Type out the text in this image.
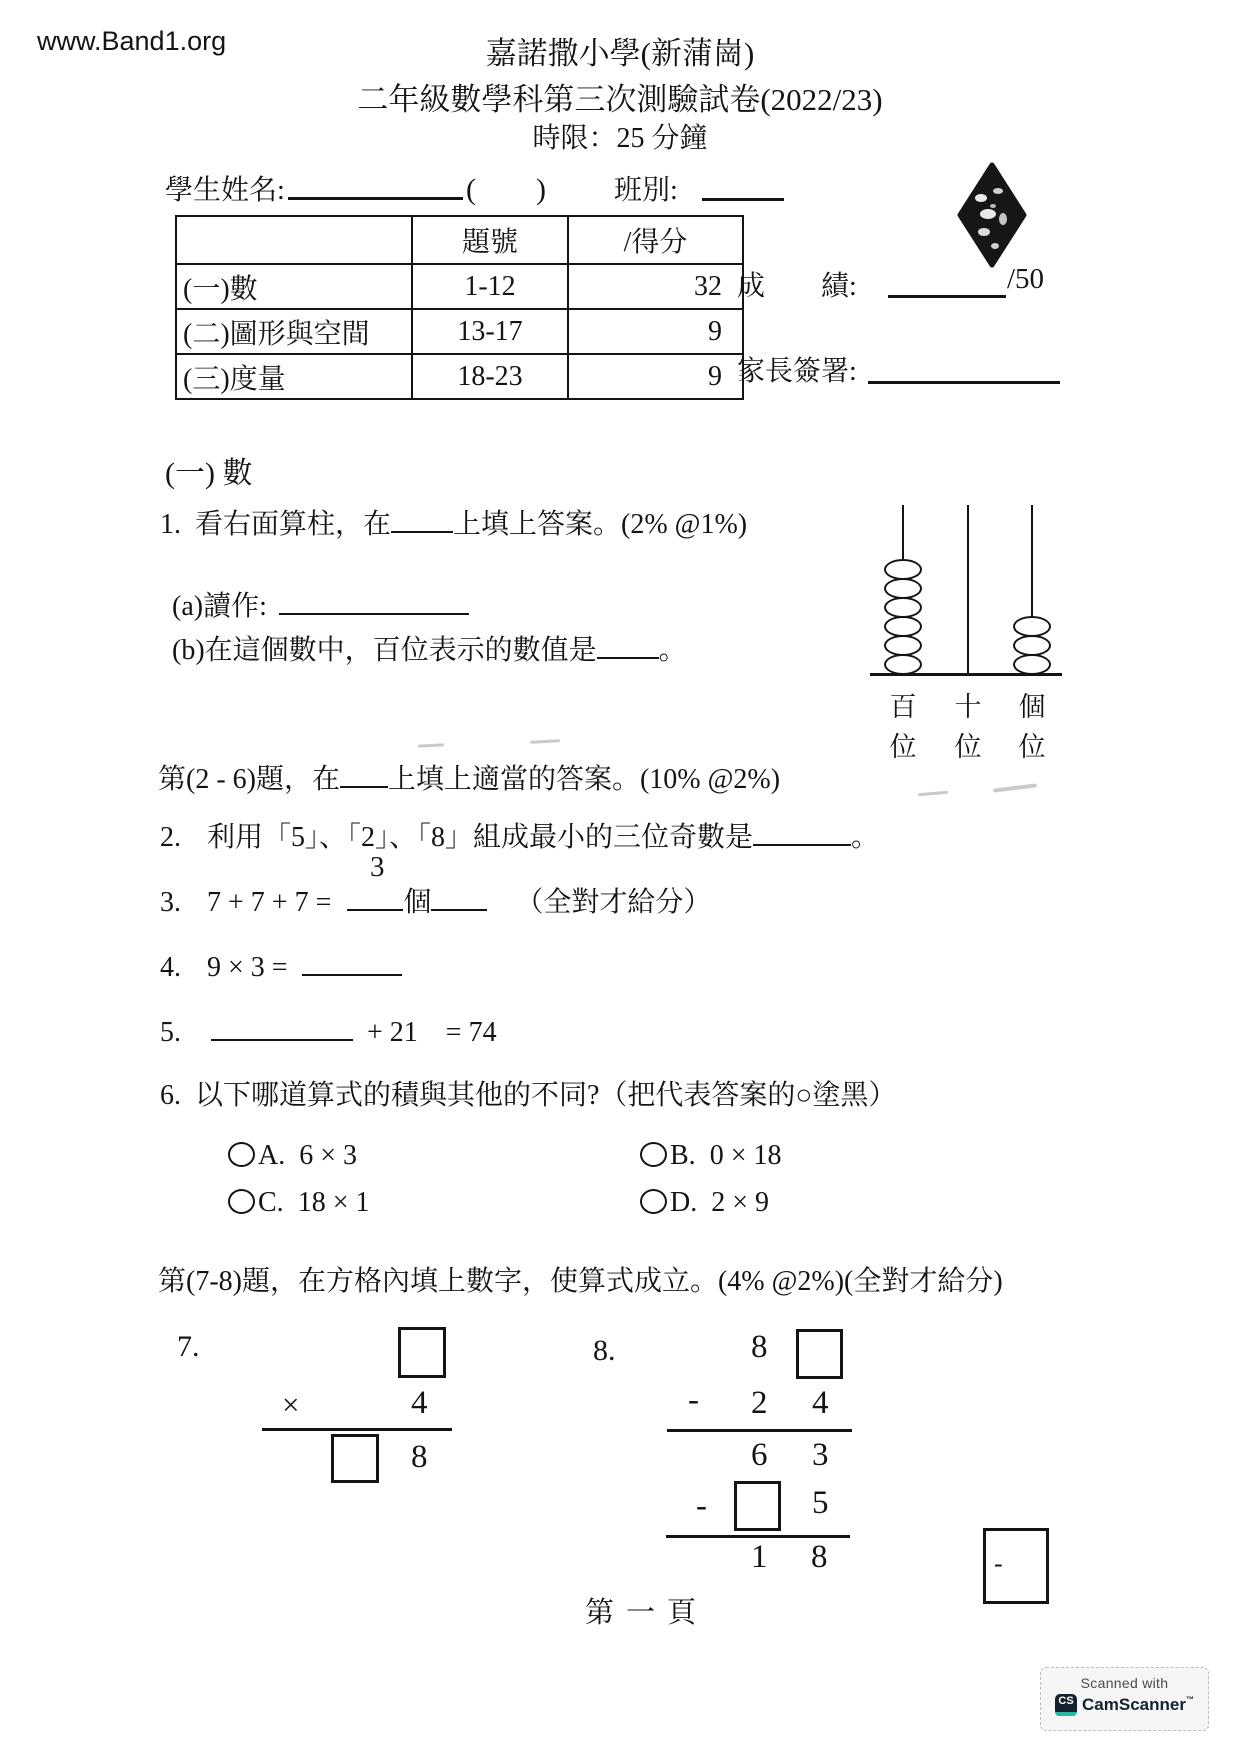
www.Band1.org	嘉諾撒小學(新蒲崗)
二年級數學科第三次測驗試卷(2022/23)
時限：25 分鐘
學生姓名:	(　　) 班別:
	題號	/得分
(一)數	1-12	32
(二)圖形與空間	13-17	9
(三)度量	18-23	9
成　　績:	/50
家長簽署:
(一) 數
1. 看右面算柱，在 上填上答案。(2% @1%)
(a)讀作:
(b)在這個數中，百位表示的數值是 。
百	十	個
位	位	位
第(2 - 6)題，在 上填上適當的答案。(10% @2%)
2. 利用「5」、「2」、「8」組成最小的三位奇數是	。
3
3. 7 + 7 + 7 =	個	（全對才給分）
4. 9 × 3 =
5.	+ 21　= 74
6. 以下哪道算式的積與其他的不同?（把代表答案的○塗黑）
A. 6 × 3	B. 0 × 18
C. 18 × 1	D. 2 × 9
第(7-8)題，在方格內填上數字，使算式成立。(4% @2%)(全對才給分)
7.
×	4
8
8.	8
- 2 4
6 3
-	5
1 8	-
第一頁
Scanned with
CS CamScanner™
